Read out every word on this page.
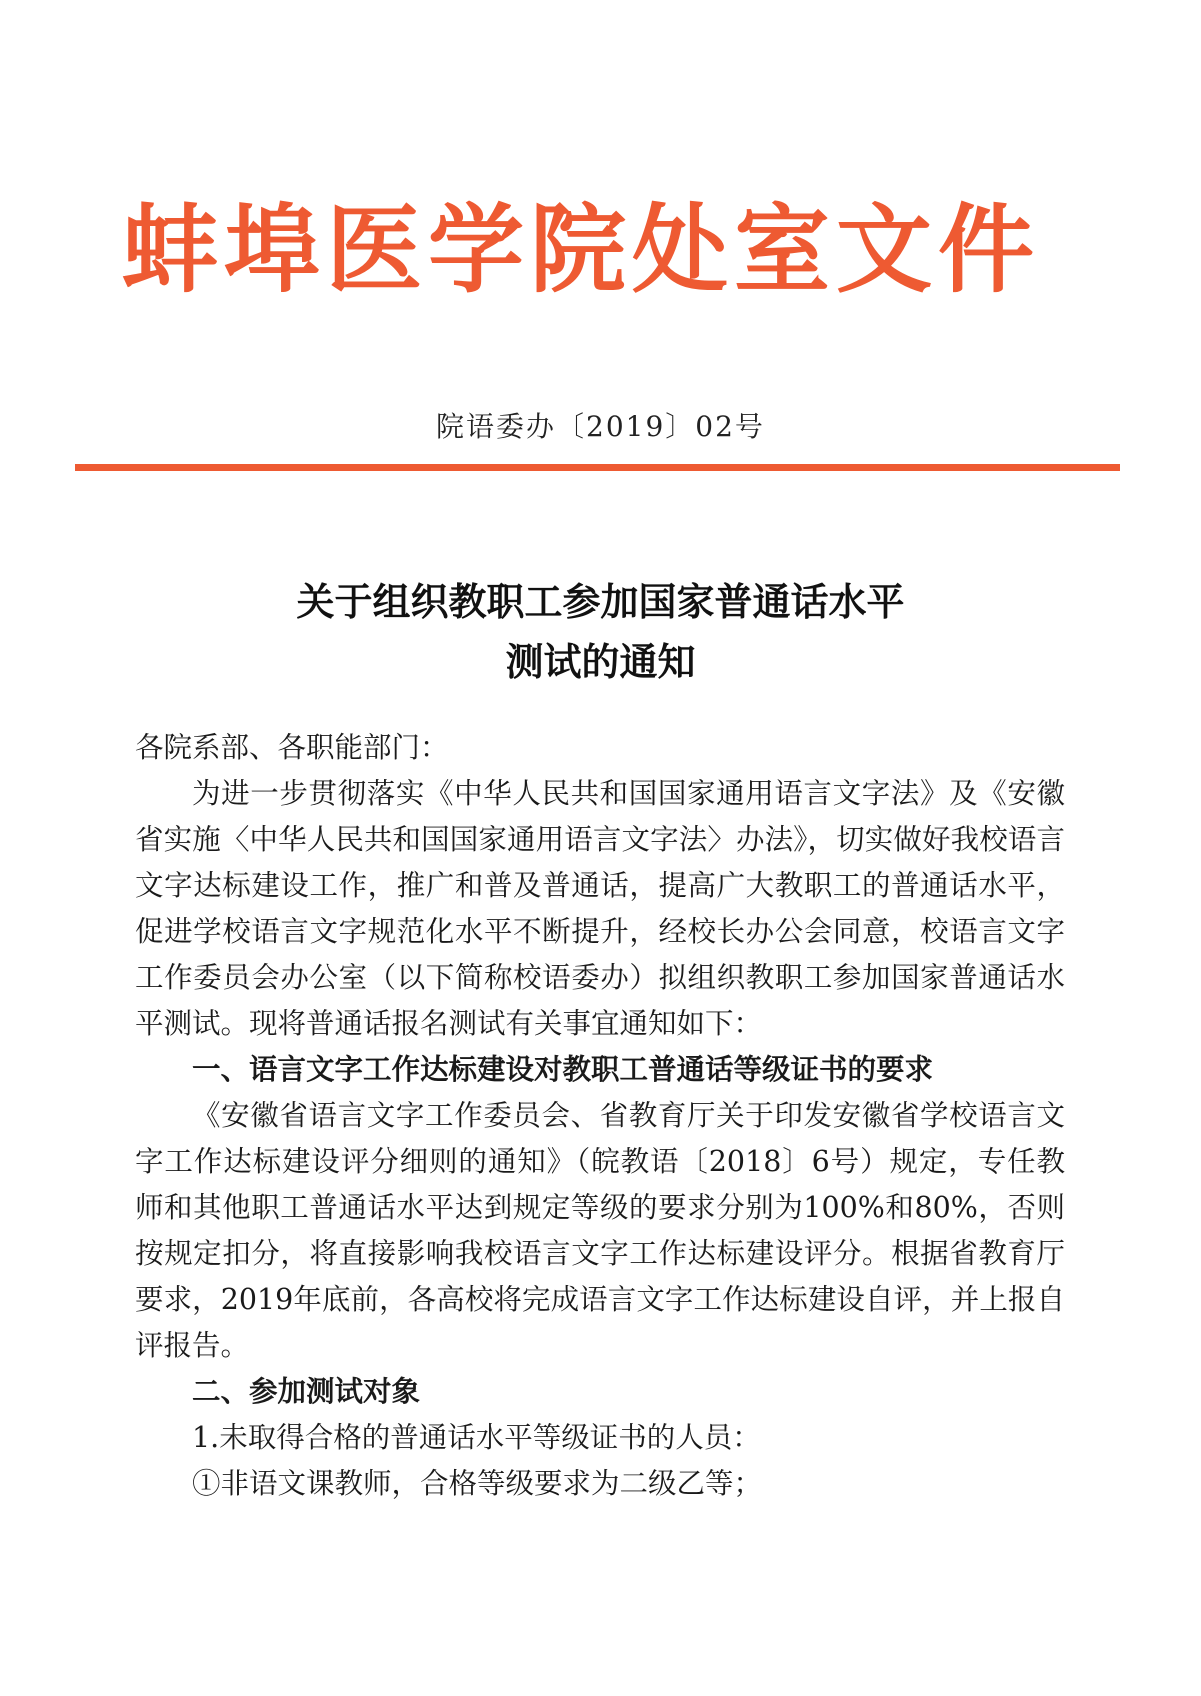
蚌埠医学院处室文件
院语委办〔2019〕02号
关于组织教职工参加国家普通话水平
测试的通知

各院系部、各职能部门：

为进一步贯彻落实《中华人民共和国国家通用语言文字法》及《安徽省实施〈中华人民共和国国家通用语言文字法〉办法》，切实做好我校语言文字达标建设工作，推广和普及普通话，提高广大教职工的普通话水平，促进学校语言文字规范化水平不断提升，经校长办公会同意，校语言文字工作委员会办公室（以下简称校语委办）拟组织教职工参加国家普通话水平测试。现将普通话报名测试有关事宜通知如下：

一、语言文字工作达标建设对教职工普通话等级证书的要求

《安徽省语言文字工作委员会、省教育厅关于印发安徽省学校语言文字工作达标建设评分细则的通知》（皖教语〔2018〕6号）规定，专任教师和其他职工普通话水平达到规定等级的要求分别为100%和80%，否则按规定扣分，将直接影响我校语言文字工作达标建设评分。根据省教育厅要求，2019年底前，各高校将完成语言文字工作达标建设自评，并上报自评报告。

二、参加测试对象

1.未取得合格的普通话水平等级证书的人员：

①非语文课教师，合格等级要求为二级乙等；
